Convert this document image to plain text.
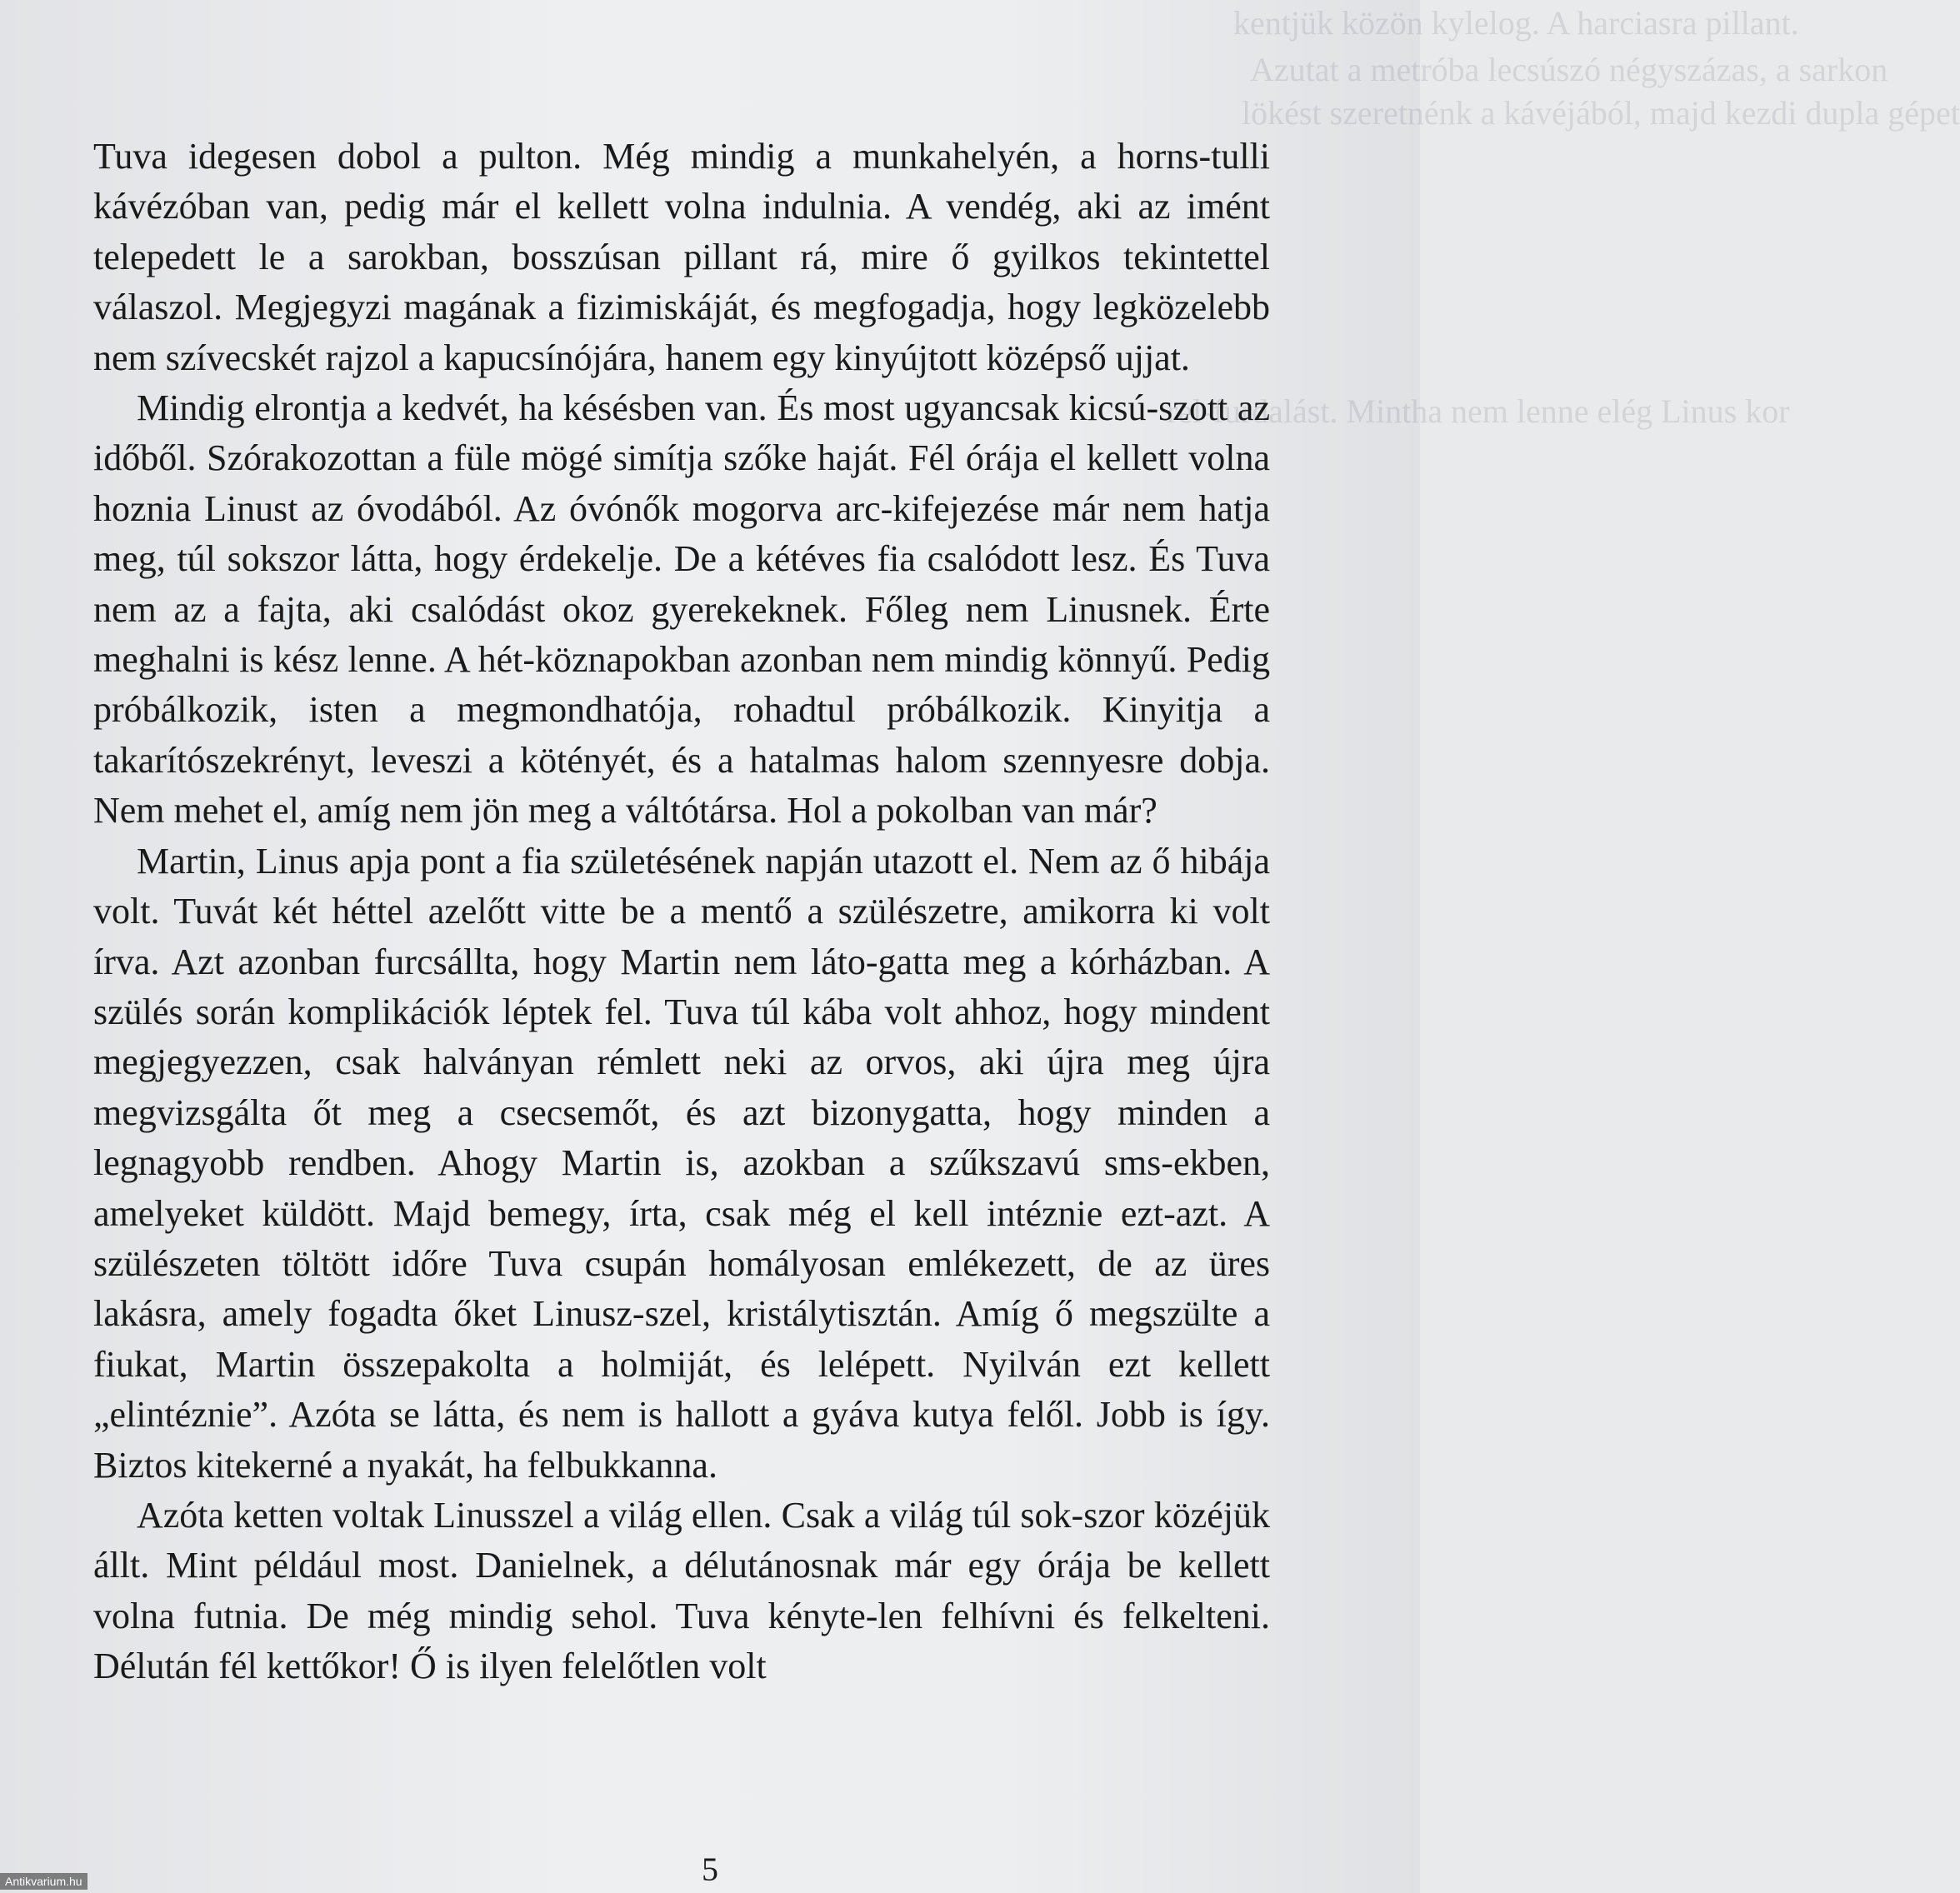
kentjük közön kylelog. A harciasra pillant.

Azutat a metróba lecsúszó négyszázas, a sarkon

lökést szeretnénk a kávéjából, majd kezdi dupla gépet

rel-furdalást. Mintha nem lenne elég Linus kor

Tuva idegesen dobol a pulton. Még mindig a munkahelyén, a horns-tulli kávézóban van, pedig már el kellett volna indulnia. A vendég, aki az imént telepedett le a sarokban, bosszúsan pillant rá, mire ő gyilkos tekintettel válaszol. Megjegyzi magának a fizimiskáját, és megfogadja, hogy legközelebb nem szívecskét rajzol a kapucsínójára, hanem egy kinyújtott középső ujjat.

Mindig elrontja a kedvét, ha késésben van. És most ugyancsak kicsú-szott az időből. Szórakozottan a füle mögé simítja szőke haját. Fél órája el kellett volna hoznia Linust az óvodából. Az óvónők mogorva arc-kifejezése már nem hatja meg, túl sokszor látta, hogy érdekelje. De a kétéves fia csalódott lesz. És Tuva nem az a fajta, aki csalódást okoz gyerekeknek. Főleg nem Linusnek. Érte meghalni is kész lenne. A hét-köznapokban azonban nem mindig könnyű. Pedig próbálkozik, isten a megmondhatója, rohadtul próbálkozik. Kinyitja a takarítószekrényt, leveszi a kötényét, és a hatalmas halom szennyesre dobja. Nem mehet el, amíg nem jön meg a váltótársa. Hol a pokolban van már?

Martin, Linus apja pont a fia születésének napján utazott el. Nem az ő hibája volt. Tuvát két héttel azelőtt vitte be a mentő a szülészetre, amikorra ki volt írva. Azt azonban furcsállta, hogy Martin nem láto-gatta meg a kórházban. A szülés során komplikációk léptek fel. Tuva túl kába volt ahhoz, hogy mindent megjegyezzen, csak halványan rémlett neki az orvos, aki újra meg újra megvizsgálta őt meg a csecsemőt, és azt bizonygatta, hogy minden a legnagyobb rendben. Ahogy Martin is, azokban a szűkszavú sms-ekben, amelyeket küldött. Majd bemegy, írta, csak még el kell intéznie ezt-azt. A szülészeten töltött időre Tuva csupán homályosan emlékezett, de az üres lakásra, amely fogadta őket Linusz-szel, kristálytisztán. Amíg ő megszülte a fiukat, Martin összepakolta a holmiját, és lelépett. Nyilván ezt kellett „elintéznie”. Azóta se látta, és nem is hallott a gyáva kutya felől. Jobb is így. Biztos kitekerné a nyakát, ha felbukkanna.

Azóta ketten voltak Linusszel a világ ellen. Csak a világ túl sok-szor közéjük állt. Mint például most. Danielnek, a délutánosnak már egy órája be kellett volna futnia. De még mindig sehol. Tuva kényte-len felhívni és felkelteni. Délután fél kettőkor! Ő is ilyen felelőtlen volt

5
Antikvarium.hu
